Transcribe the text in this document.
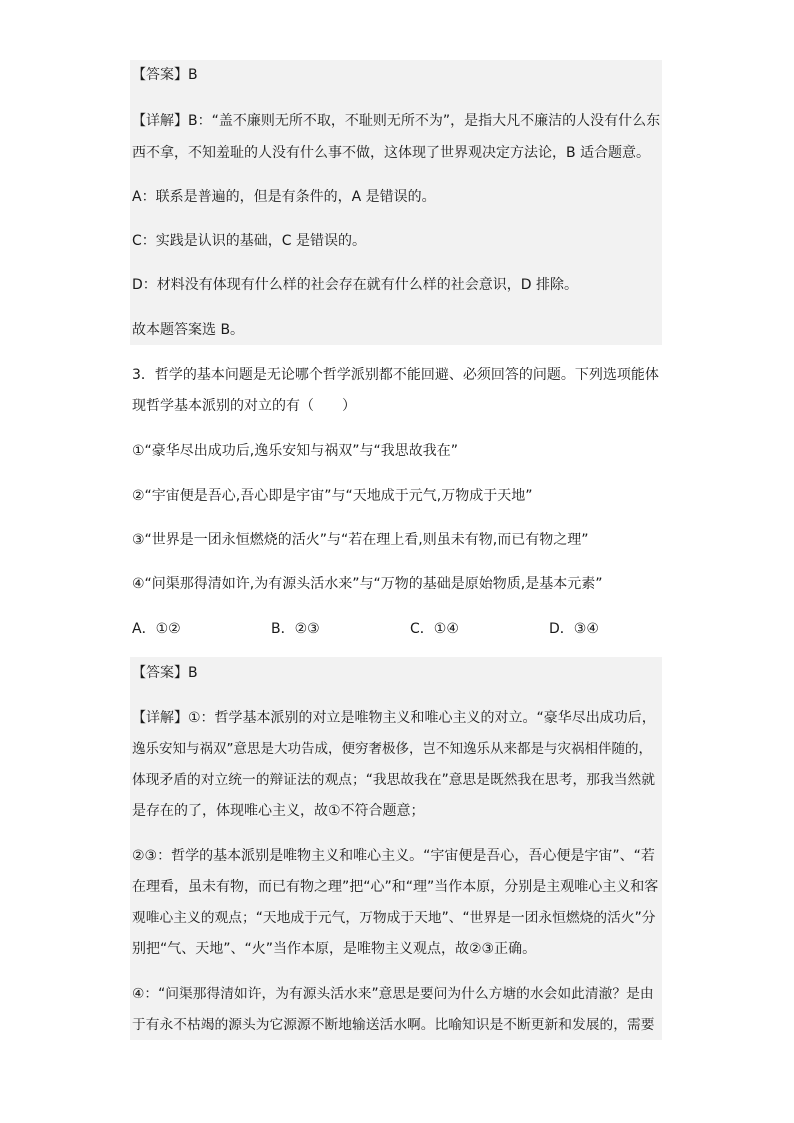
【答案】B
【详解】B：“盖不廉则无所不取，不耻则无所不为”，是指大凡不廉洁的人没有什么东
西不拿，不知羞耻的人没有什么事不做，这体现了世界观决定方法论，B 适合题意。
A：联系是普遍的，但是有条件的，A 是错误的。
C：实践是认识的基础，C 是错误的。
D：材料没有体现有什么样的社会存在就有什么样的社会意识，D 排除。
故本题答案选 B。
3．哲学的基本问题是无论哪个哲学派别都不能回避、必须回答的问题。下列选项能体
现哲学基本派别的对立的有（　　）
①“豪华尽出成功后,逸乐安知与祸双”与“我思故我在”
②“宇宙便是吾心,吾心即是宇宙”与“天地成于元气,万物成于天地”
③“世界是一团永恒燃烧的活火”与“若在理上看,则虽未有物,而已有物之理”
④“问渠那得清如许,为有源头活水来”与“万物的基础是原始物质,是基本元素”
A．①②	B．②③	C．①④	D．③④
【答案】B
【详解】①：哲学基本派别的对立是唯物主义和唯心主义的对立。“豪华尽出成功后，
逸乐安知与祸双”意思是大功告成，便穷奢极侈，岂不知逸乐从来都是与灾祸相伴随的，
体现矛盾的对立统一的辩证法的观点；“我思故我在”意思是既然我在思考，那我当然就
是存在的了，体现唯心主义，故①不符合题意；
②③：哲学的基本派别是唯物主义和唯心主义。“宇宙便是吾心，吾心便是宇宙”、“若
在理看，虽未有物，而已有物之理”把“心”和“理”当作本原，分别是主观唯心主义和客
观唯心主义的观点；“天地成于元气，万物成于天地”、“世界是一团永恒燃烧的活火”分
别把“气、天地”、“火”当作本原，是唯物主义观点，故②③正确。
④：“问渠那得清如许，为有源头活水来”意思是要问为什么方塘的水会如此清澈？是由
于有永不枯竭的源头为它源源不断地输送活水啊。比喻知识是不断更新和发展的，需要
